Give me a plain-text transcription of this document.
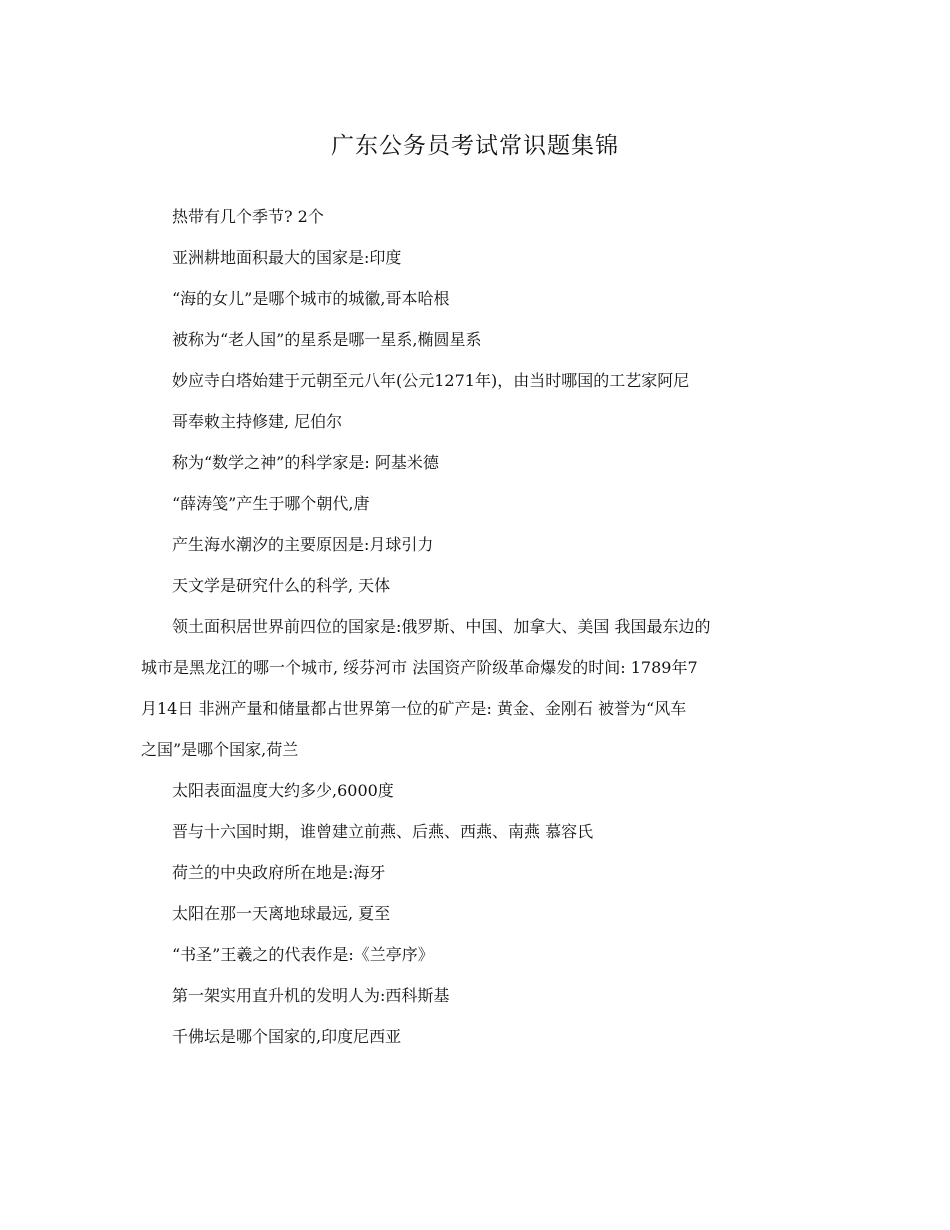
广东公务员考试常识题集锦
热带有几个季节? 2个
亚洲耕地面积最大的国家是:印度
“海的女儿”是哪个城市的城徽,哥本哈根
被称为“老人国”的星系是哪一星系,椭圆星系
妙应寺白塔始建于元朝至元八年(公元1271年)，由当时哪国的工艺家阿尼
哥奉敕主持修建, 尼伯尔
称为“数学之神”的科学家是: 阿基米德
“薛涛笺”产生于哪个朝代,唐
产生海水潮汐的主要原因是:月球引力
天文学是研究什么的科学, 天体
领土面积居世界前四位的国家是:俄罗斯、中国、加拿大、美国 我国最东边的
城市是黑龙江的哪一个城市, 绥芬河市 法国资产阶级革命爆发的时间: 1789年7
月14日 非洲产量和储量都占世界第一位的矿产是: 黄金、金刚石 被誉为“风车
之国”是哪个国家,荷兰
太阳表面温度大约多少,6000度
晋与十六国时期，谁曾建立前燕、后燕、西燕、南燕 慕容氏
荷兰的中央政府所在地是:海牙
太阳在那一天离地球最远, 夏至
“书圣”王羲之的代表作是:《兰亭序》
第一架实用直升机的发明人为:西科斯基
千佛坛是哪个国家的,印度尼西亚
